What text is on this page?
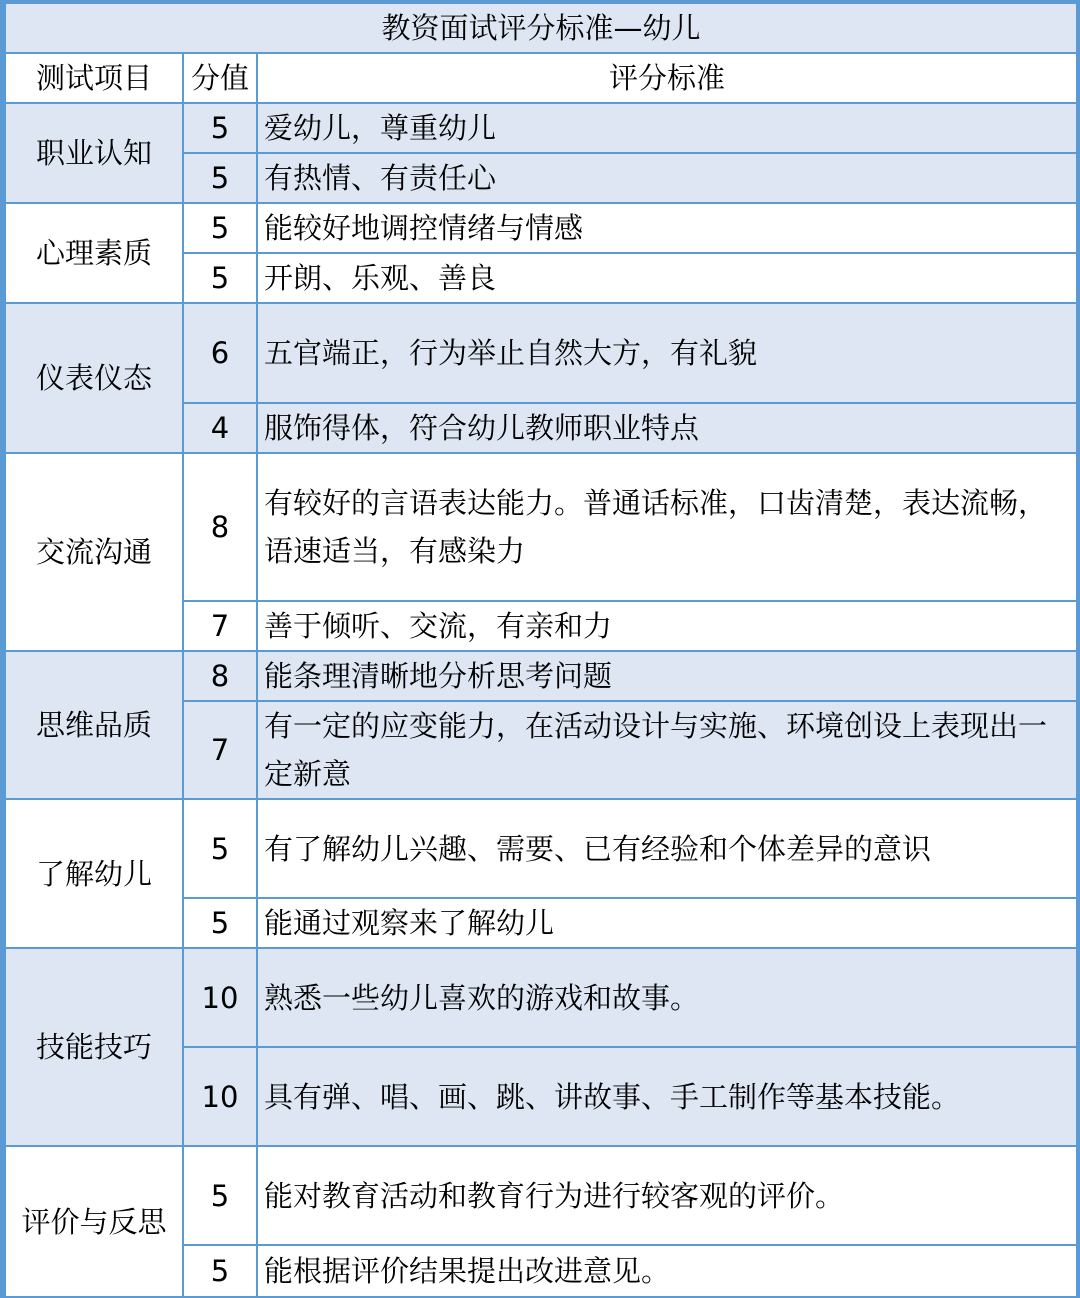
教资面试评分标准—幼儿		
测试项目	分值	评分标准
职业认知	5	爱幼儿，尊重幼儿
	5	有热情、有责任心
心理素质	5	能较好地调控情绪与情感
	5	开朗、乐观、善良
仪表仪态	6	五官端正，行为举止自然大方，有礼貌
	4	服饰得体，符合幼儿教师职业特点
交流沟通	8	有较好的言语表达能力。普通话标准，口齿清楚，表达流畅，语速适当，有感染力
	7	善于倾听、交流，有亲和力
思维品质	8	能条理清晰地分析思考问题
	7	有一定的应变能力，在活动设计与实施、环境创设上表现出一定新意
了解幼儿	5	有了解幼儿兴趣、需要、已有经验和个体差异的意识
	5	能通过观察来了解幼儿
技能技巧	10	熟悉一些幼儿喜欢的游戏和故事。
	10	具有弹、唱、画、跳、讲故事、手工制作等基本技能。
评价与反思	5	能对教育活动和教育行为进行较客观的评价。
	5	能根据评价结果提出改进意见。
